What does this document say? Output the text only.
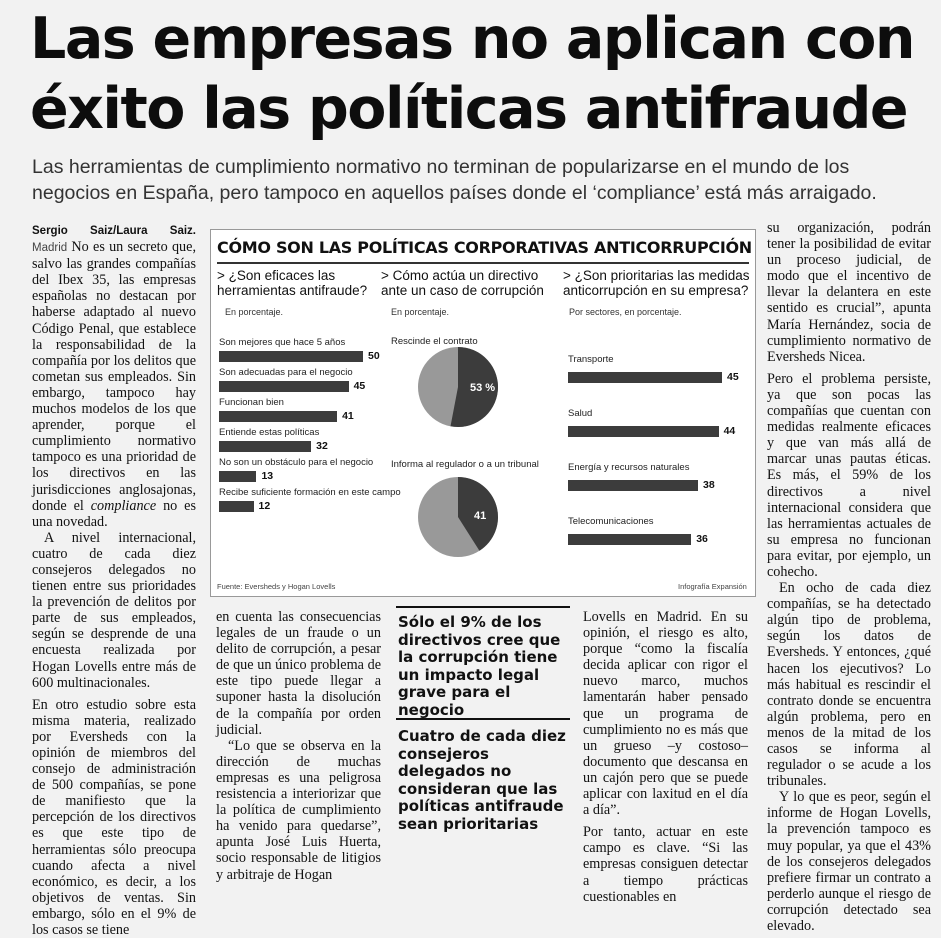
Las empresas no aplican con
éxito las políticas antifraude

Las herramientas de cumplimiento normativo no terminan de popularizarse en el mundo de los negocios en España, pero tampoco en aquellos países donde el ‘compliance’ está más arraigado.

Sergio Saiz/Laura Saiz. Madrid No es un secreto que, salvo las grandes compañías del Ibex 35, las empresas españolas no destacan por haberse adaptado al nuevo Código Penal, que establece la responsabilidad de la compañía por los delitos que cometan sus empleados. Sin embargo, tampoco hay muchos modelos de los que aprender, porque el cumplimiento normativo tampoco es una prioridad de los directivos en las jurisdicciones anglosajonas, donde el compliance no es una novedad.

A nivel internacional, cuatro de cada diez consejeros delegados no tienen entre sus prioridades la prevención de delitos por parte de sus empleados, según se desprende de una encuesta realizada por Hogan Lovells entre más de 600 multinacionales.

En otro estudio sobre esta misma materia, realizado por Eversheds con la opinión de miembros del consejo de administración de 500 compañías, se pone de manifiesto que la percepción de los directivos es que este tipo de herramientas sólo preocupa cuando afecta a nivel económico, es decir, a los objetivos de ventas. Sin embargo, sólo en el 9% de los casos se tiene

CÓMO SON LAS POLÍTICAS CORPORATIVAS ANTICORRUPCIÓN

> ¿Son eficaces las herramientas antifraude?

En porcentaje.

Son mejores que hace 5 años
50
Son adecuadas para el negocio
45
Funcionan bien
41
Entiende estas políticas
32
No son un obstáculo para el negocio
13
Recibe suficiente formación en este campo
12

> Cómo actúa un directivo ante un caso de corrupción

En porcentaje.

Rescinde el contrato
53 %
Informa al regulador o a un tribunal
41

> ¿Son prioritarias las medidas anticorrupción en su empresa?

Por sectores, en porcentaje.

Transporte
45
Salud
44
Energía y recursos naturales
38
Telecomunicaciones
36
Fuente: Eversheds y Hogan Lovells	Infografía Expansión

en cuenta las consecuencias legales de un fraude o un delito de corrupción, a pesar de que un único problema de este tipo puede llegar a suponer hasta la disolución de la compañía por orden judicial.

“Lo que se observa en la dirección de muchas empresas es una peligrosa resistencia a interiorizar que la política de cumplimiento ha venido para quedarse”, apunta José Luis Huerta, socio responsable de litigios y arbitraje de Hogan

Sólo el 9% de los directivos cree que la corrupción tiene un impacto legal grave para el negocio

Cuatro de cada diez consejeros delegados no consideran que las políticas antifraude sean prioritarias

Lovells en Madrid. En su opinión, el riesgo es alto, porque “como la fiscalía decida aplicar con rigor el nuevo marco, muchos lamentarán haber pensado que un programa de cumplimiento no es más que un grueso –y costoso– documento que descansa en un cajón pero que se puede aplicar con laxitud en el día a día”.

Por tanto, actuar en este campo es clave. “Si las empresas consiguen detectar a tiempo prácticas cuestionables en

su organización, podrán tener la posibilidad de evitar un proceso judicial, de modo que el incentivo de llevar la delantera en este sentido es crucial”, apunta María Hernández, socia de cumplimiento normativo de Eversheds Nicea.

Pero el problema persiste, ya que son pocas las compañías que cuentan con medidas realmente eficaces y que van más allá de marcar unas pautas éticas. Es más, el 59% de los directivos a nivel internacional considera que las herramientas actuales de su empresa no funcionan para evitar, por ejemplo, un cohecho.

En ocho de cada diez compañías, se ha detectado algún tipo de problema, según los datos de Eversheds. Y entonces, ¿qué hacen los ejecutivos? Lo más habitual es rescindir el contrato donde se encuentra algún problema, pero en menos de la mitad de los casos se informa al regulador o se acude a los tribunales.

Y lo que es peor, según el informe de Hogan Lovells, la prevención tampoco es muy popular, ya que el 43% de los consejeros delegados prefiere firmar un contrato a perderlo aunque el riesgo de corrupción detectado sea elevado.
